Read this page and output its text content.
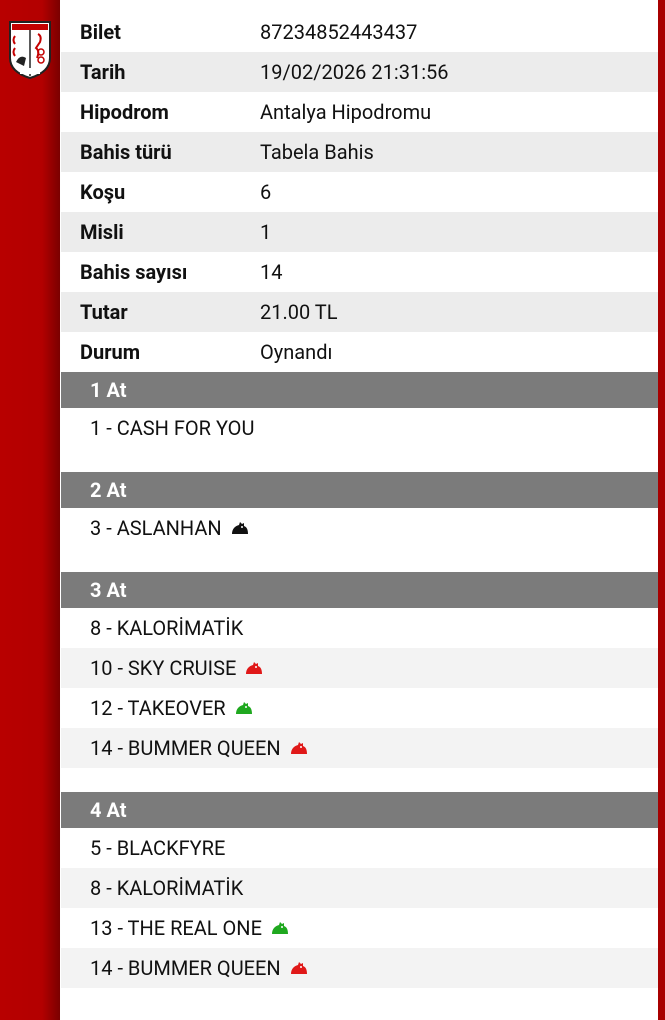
Bilet	87234852443437
Tarih	19/02/2026 21:31:56
Hipodrom	Antalya Hipodromu
Bahis türü	Tabela Bahis
Koşu	6
Misli	1
Bahis sayısı	14
Tutar	21.00 TL
Durum	Oynandı
1 At
1 - CASH FOR YOU
2 At
3 - ASLANHAN
3 At
8 - KALORİMATİK
10 - SKY CRUISE
12 - TAKEOVER
14 - BUMMER QUEEN
4 At
5 - BLACKFYRE
8 - KALORİMATİK
13 - THE REAL ONE
14 - BUMMER QUEEN
